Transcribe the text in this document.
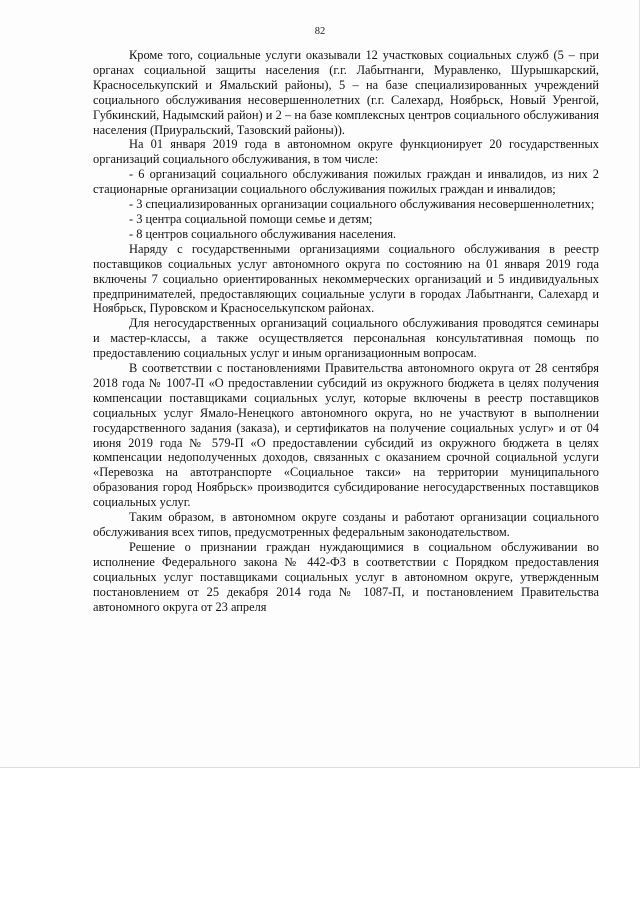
82

Кроме того, социальные услуги оказывали 12 участковых социальных служб (5 – при органах социальной защиты населения (г.г. Лабытнанги, Муравленко, Шурышкарский, Красноселькупский и Ямальский районы), 5 – на базе специализированных учреждений социального обслуживания несовершеннолетних (г.г. Салехард, Ноябрьск, Новый Уренгой, Губкинский, Надымский район) и 2 – на базе комплексных центров социального обслуживания населения (Приуральский, Тазовский районы)).

На 01 января 2019 года в автономном округе функционирует 20 государственных организаций социального обслуживания, в том числе:

- 6 организаций социального обслуживания пожилых граждан и инвалидов, из них 2 стационарные организации социального обслуживания пожилых граждан и инвалидов;

- 3 специализированных организации социального обслуживания несовершеннолетних;

- 3 центра социальной помощи семье и детям;

- 8 центров социального обслуживания населения.

Наряду с государственными организациями социального обслуживания в реестр поставщиков социальных услуг автономного округа по состоянию на 01 января 2019 года включены 7 социально ориентированных некоммерческих организаций и 5 индивидуальных предпринимателей, предоставляющих социальные услуги в городах Лабытнанги, Салехард и Ноябрьск, Пуровском и Красноселькупском районах.

Для негосударственных организаций социального обслуживания проводятся семинары и мастер-классы, а также осуществляется персональная консультативная помощь по предоставлению социальных услуг и иным организационным вопросам.

В соответствии с постановлениями Правительства автономного округа от 28 сентября 2018 года № 1007-П «О предоставлении субсидий из окружного бюджета в целях получения компенсации поставщиками социальных услуг, которые включены в реестр поставщиков социальных услуг Ямало-Ненецкого автономного округа, но не участвуют в выполнении государственного задания (заказа), и сертификатов на получение социальных услуг» и от 04 июня 2019 года № 579-П «О предоставлении субсидий из окружного бюджета в целях компенсации недополученных доходов, связанных с оказанием срочной социальной услуги «Перевозка на автотранспорте «Социальное такси» на территории муниципального образования город Ноябрьск» производится субсидирование негосударственных поставщиков социальных услуг.

Таким образом, в автономном округе созданы и работают организации социального обслуживания всех типов, предусмотренных федеральным законодательством.

Решение о признании граждан нуждающимися в социальном обслуживании во исполнение Федерального закона № 442-ФЗ в соответствии с Порядком предоставления социальных услуг поставщиками социальных услуг в автономном округе, утвержденным постановлением от 25 декабря 2014 года № 1087-П, и постановлением Правительства автономного округа от 23 апреля
